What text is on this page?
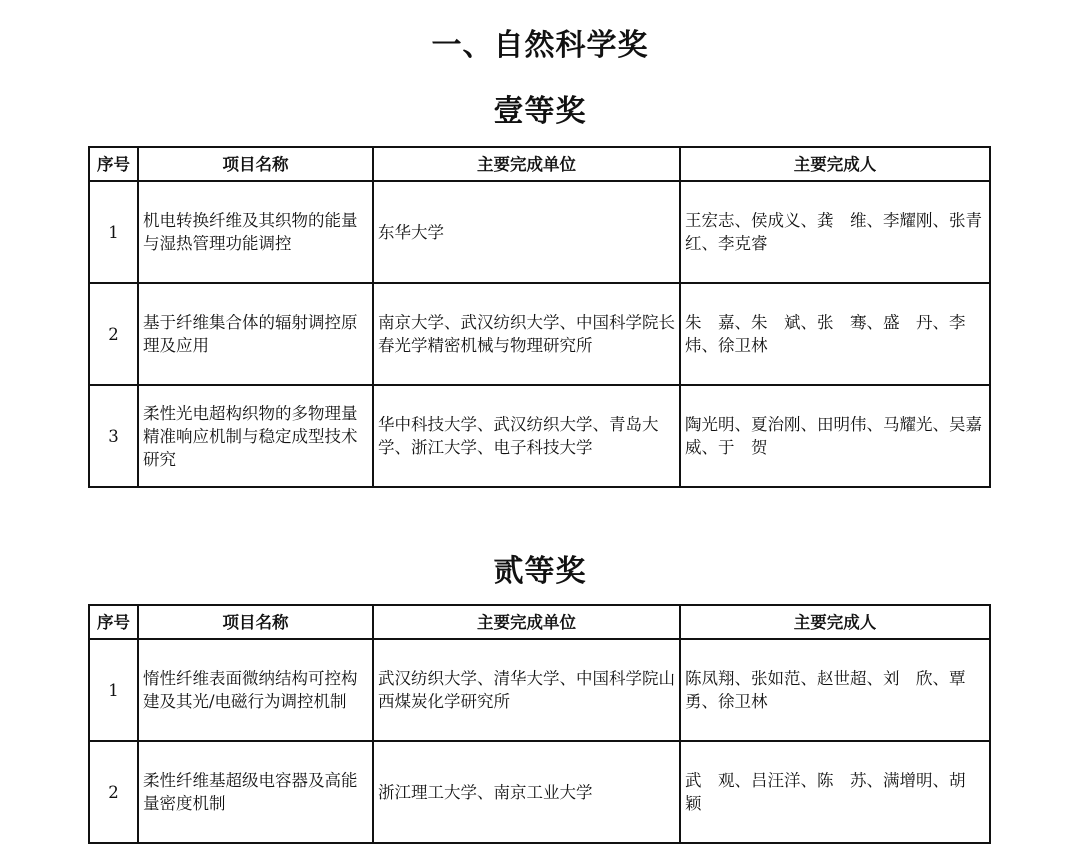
一、自然科学奖
壹等奖
序号	项目名称	主要完成单位	主要完成人
1	机电转换纤维及其织物的能量与湿热管理功能调控	东华大学	王宏志、侯成义、龚　维、李耀刚、张青红、李克睿
2	基于纤维集合体的辐射调控原理及应用	南京大学、武汉纺织大学、中国科学院长春光学精密机械与物理研究所	朱　嘉、朱　斌、张　骞、盛　丹、李　炜、徐卫林
3	柔性光电超构织物的多物理量精准响应机制与稳定成型技术研究	华中科技大学、武汉纺织大学、青岛大学、浙江大学、电子科技大学	陶光明、夏治刚、田明伟、马耀光、吴嘉威、于　贺
贰等奖
序号	项目名称	主要完成单位	主要完成人
1	惰性纤维表面微纳结构可控构建及其光/电磁行为调控机制	武汉纺织大学、清华大学、中国科学院山西煤炭化学研究所	陈凤翔、张如范、赵世超、刘　欣、覃　勇、徐卫林
2	柔性纤维基超级电容器及高能量密度机制	浙江理工大学、南京工业大学	武　观、吕汪洋、陈　苏、满增明、胡　颖
